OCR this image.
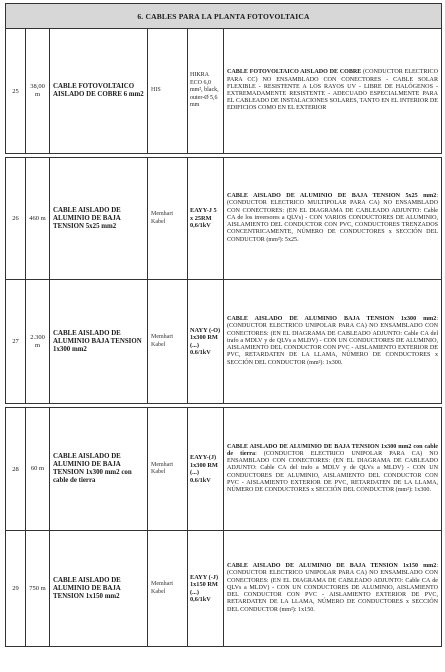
6. CABLES PARA LA PLANTA FOTOVOLTAICA					
25	38,00 m	CABLE FOTOVOLTAICO AISLADO DE COBRE 6 mm2	HIS	HIKRA ECO 6,0 mm², black, outer-Ø 5,6 mm	CABLE FOTOVOLTAICO AISLADO DE COBRE (CONDUCTOR ELECTRICO PARA CC) NO ENSAMBLADO CON CONECTORES - CABLE SOLAR FLEXIBLE - RESISTENTE A LOS RAYOS UV - LIBRE DE HALÓGENOS - EXTREMADAMENTE RESISTENTE - ADECUADO ESPECIALMENTE PARA EL CABLEADO DE INSTALACIONES SOLARES, TANTO EN EL INTERIOR DE EDIFICIOS COMO EN EL EXTERIOR

26	460 m	CABLE AISLADO DE ALUMINIO DE BAJA TENSION 5x25 mm2	Memhart Kabel	EAYY-J 5 x 25RM 0,6/1kV	CABLE AISLADO DE ALUMINIO DE BAJA TENSION 5x25 mm2: (CONDUCTOR ELECTRICO MULTIPOLAR PARA CA) NO ENSAMBLADO CON CONECTORES: (EN EL DIAGRAMA DE CABLEADO ADJUNTO: Cable CA de los inversores a QLVs) - CON VARIOS CONDUCTORES DE ALUMINIO, AISLAMIENTO DEL CONDUCTOR CON PVC, CONDUCTORES TRENZADOS CONCENTRICAMENTE, NÚMERO DE CONDUCTORES x SECCIÓN DEL CONDUCTOR (mm²): 5x25.
27	2.300 m	CABLE AISLADO DE ALUMINIO BAJA TENSION 1x300 mm2	Memhart Kabel	NAYY (-O) 1x300 RM (...) 0.6/1kV	CABLE AISLADO DE ALUMINIO BAJA TENSION 1x300 mm2: (CONDUCTOR ELECTRICO UNIPOLAR PARA CA) NO ENSAMBLADO CON CONECTORES: (EN EL DIAGRAMA DE CABLEADO ADJUNTO: Cable CA del trafo a MDLV y de QLVs a MLDV) - CON UN CONDUCTORES DE ALUMINIO, AISLAMIENTO DEL CONDUCTOR CON PVC - AISLAMIENTO EXTERIOR DE PVC, RETARDATEN DE LA LLAMA, NÚMERO DE CONDUCTORES x SECCIÓN DEL CONDUCTOR (mm²): 1x300.

28	60 m	CABLE AISLADO DE ALUMINIO DE BAJA TENSION 1x300 mm2 con cable de tierra	Memhart Kabel	EAYY-(J) 1x300 RM (...) 0.6/1kV	CABLE AISLADO DE ALUMINIO DE BAJA TENSION 1x300 mm2 con cable de tierra: (CONDUCTOR ELECTRICO UNIPOLAR PARA CA) NO ENSAMBLADO CON CONECTORES: (EN EL DIAGRAMA DE CABLEADO ADJUNTO: Cable CA del trafo a MDLV y de QLVs a MLDV) - CON UN CONDUCTORES DE ALUMINIO, AISLAMIENTO DEL CONDUCTOR CON PVC - AISLAMIENTO EXTERIOR DE PVC, RETARDATEN DE LA LLAMA, NÚMERO DE CONDUCTORES x SECCIÓN DEL CONDUCTOR (mm²): 1x300.
29	750 m	CABLE AISLADO DE ALUMINIO DE BAJA TENSION 1x150 mm2	Memhart Kabel	EAYY (-J) 1x150 RM (...) 0,6/1kV	CABLE AISLADO DE ALUMINIO DE BAJA TENSION 1x150 mm2: (CONDUCTOR ELECTRICO UNIPOLAR PARA CA) NO ENSAMBLADO CON CONECTORES: (EN EL DIAGRAMA DE CABLEADO ADJUNTO: Cable CA de QLVs a MLDV) - CON UN CONDUCTORES DE ALUMINIO, AISLAMIENTO DEL CONDUCTOR CON PVC - AISLAMIENTO EXTERIOR DE PVC, RETARDATEN DE LA LLAMA, NÚMERO DE CONDUCTORES x SECCIÓN DEL CONDUCTOR (mm²): 1x150.
